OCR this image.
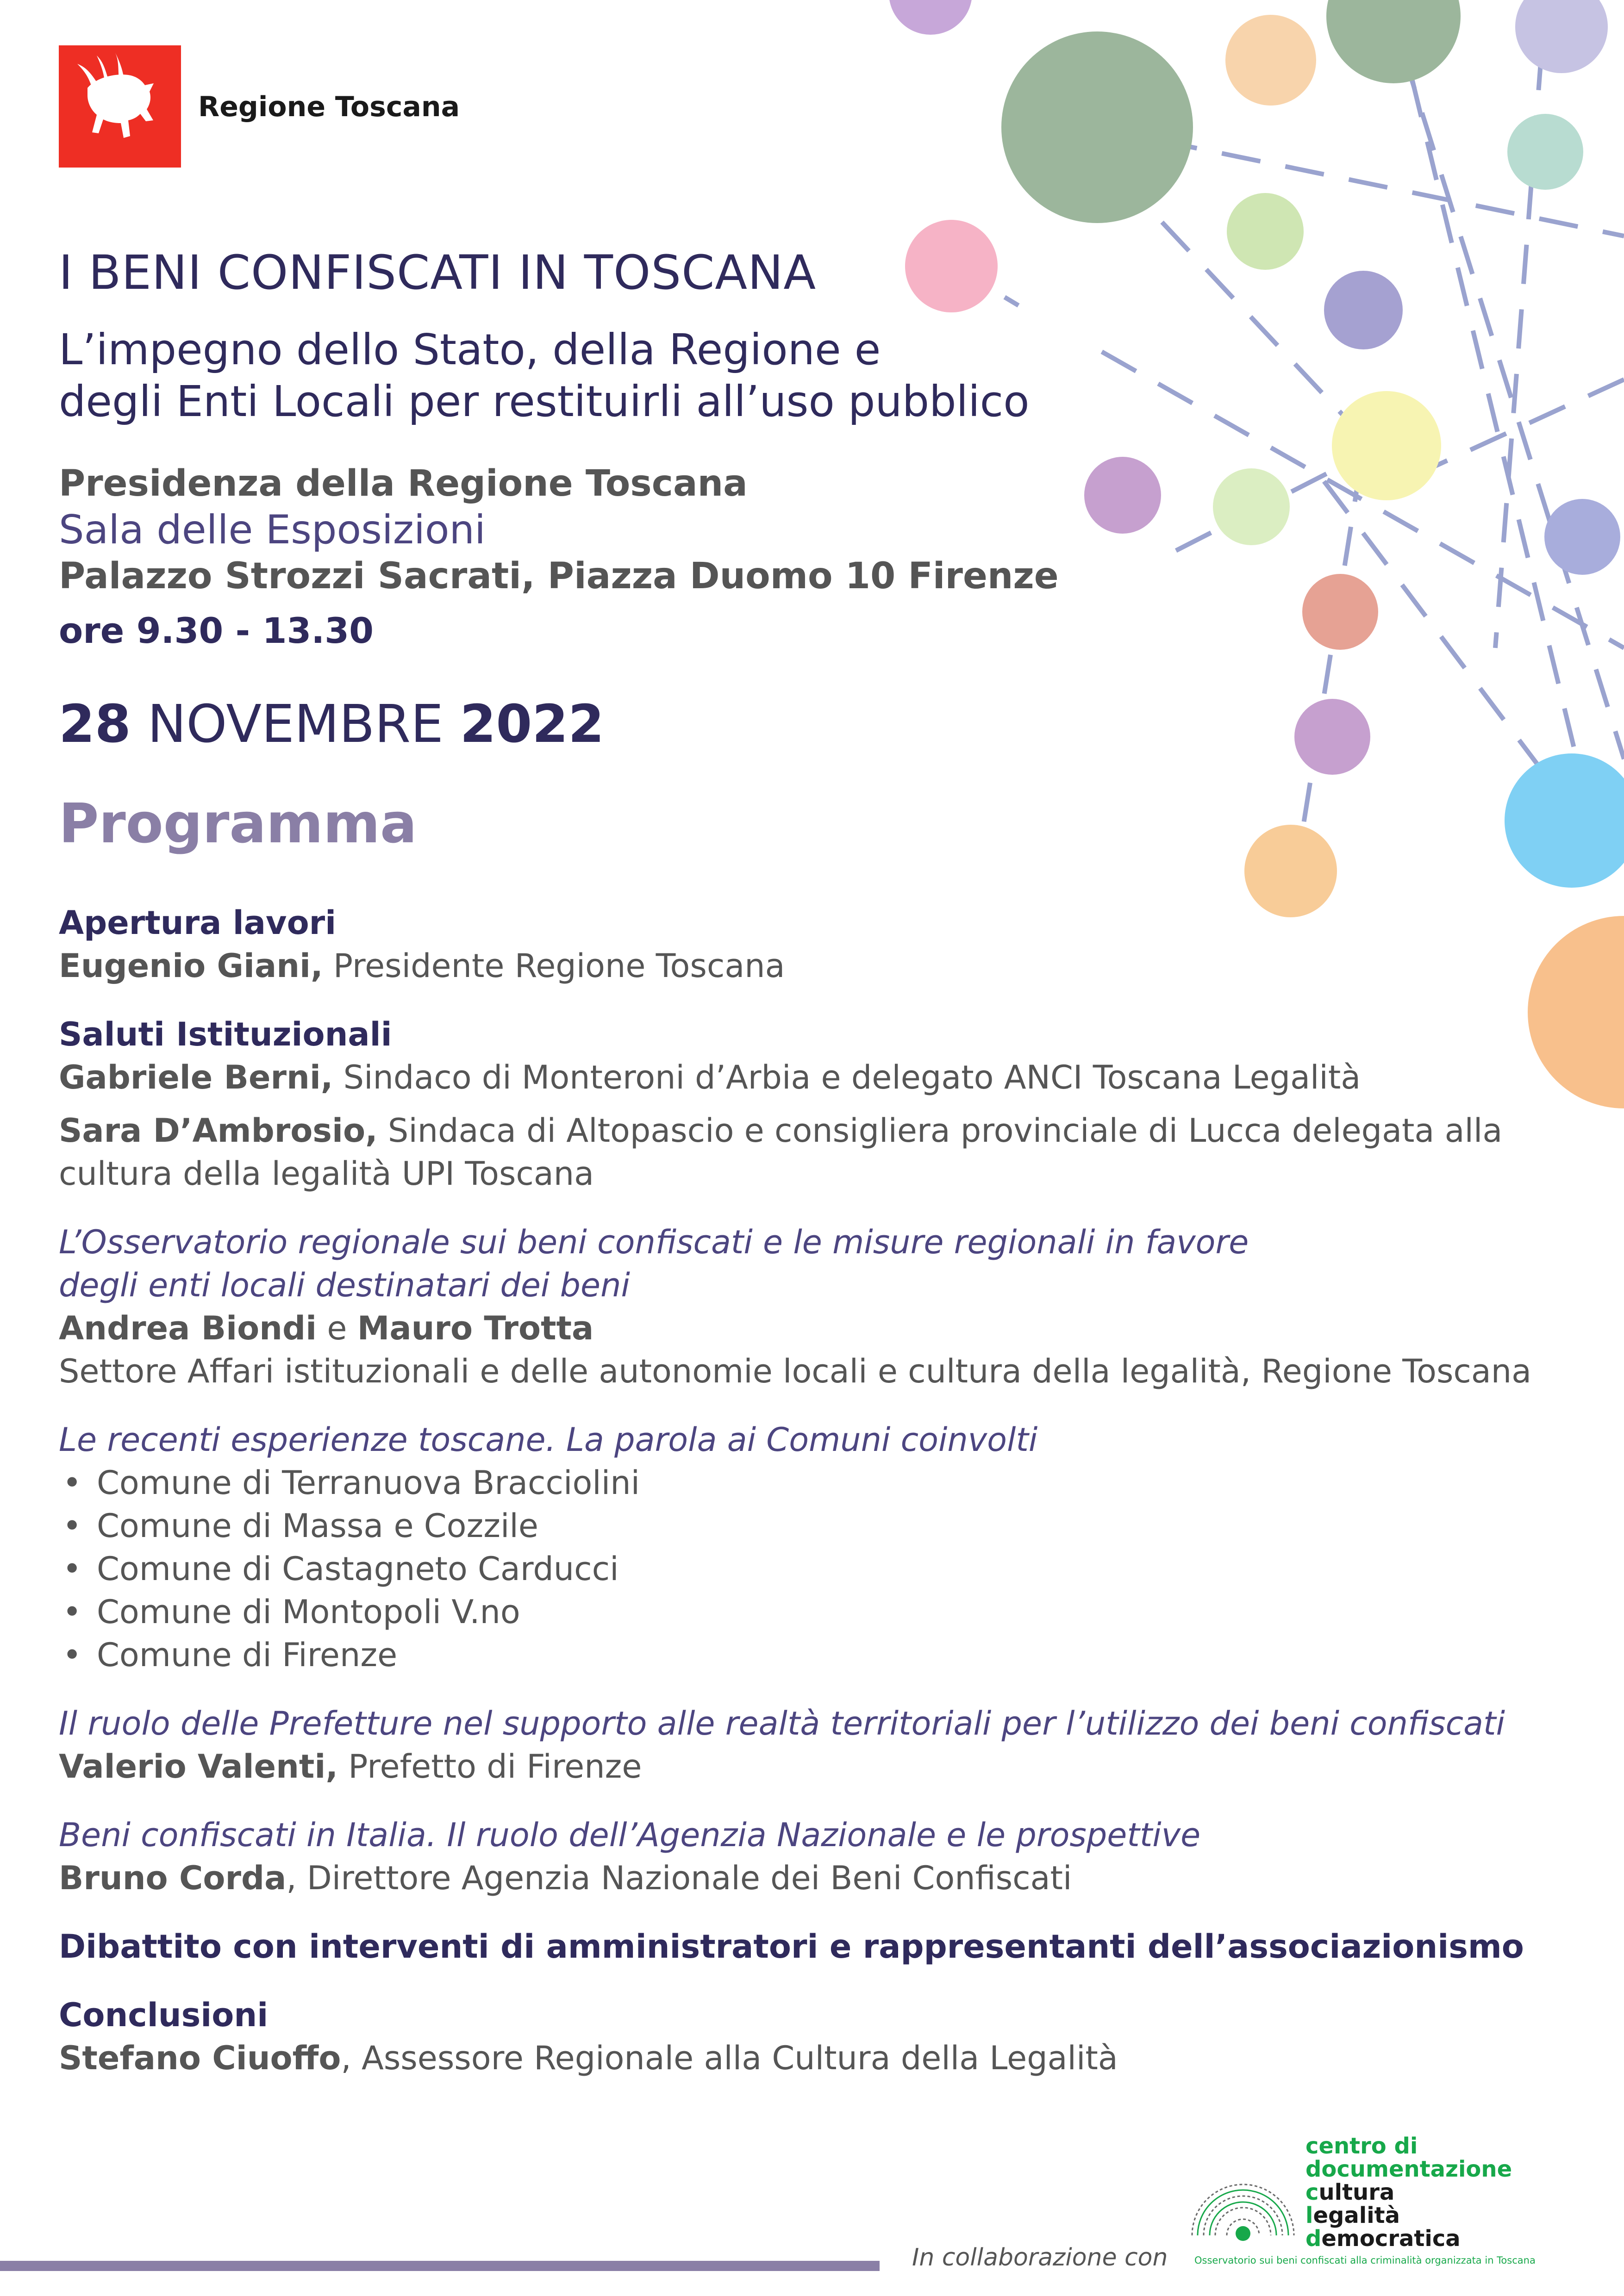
Regione Toscana
I BENI CONFISCATI IN TOSCANA
L’impegno dello Stato, della Regione e
degli Enti Locali per restituirli all’uso pubblico
Presidenza della Regione Toscana
Sala delle Esposizioni
Palazzo Strozzi Sacrati, Piazza Duomo 10 Firenze
ore 9.30 - 13.30
28 NOVEMBRE 2022
Programma

Apertura lavori

Eugenio Giani, Presidente Regione Toscana

Saluti Istituzionali

Gabriele Berni, Sindaco di Monteroni d’Arbia e delegato ANCI Toscana Legalità

Sara D’Ambrosio, Sindaca di Altopascio e consigliera provinciale di Lucca delegata alla
cultura della legalità UPI Toscana

L’Osservatorio regionale sui beni confiscati e le misure regionali in favore

degli enti locali destinatari dei beni

Andrea Biondi e Mauro Trotta

Settore Affari istituzionali e delle autonomie locali e cultura della legalità, Regione Toscana

Le recenti esperienze toscane. La parola ai Comuni coinvolti

• Comune di Terranuova Bracciolini
• Comune di Massa e Cozzile
• Comune di Castagneto Carducci
• Comune di Montopoli V.no
• Comune di Firenze

Il ruolo delle Prefetture nel supporto alle realtà territoriali per l’utilizzo dei beni confiscati

Valerio Valenti, Prefetto di Firenze

Beni confiscati in Italia. Il ruolo dell’Agenzia Nazionale e le prospettive

Bruno Corda, Direttore Agenzia Nazionale dei Beni Confiscati

Dibattito con interventi di amministratori e rappresentanti dell’associazionismo

Conclusioni

Stefano Ciuoffo, Assessore Regionale alla Cultura della Legalità

In collaborazione con
centro di
documentazione
cultura
legalità
democratica
Osservatorio sui beni confiscati alla criminalità organizzata in Toscana
